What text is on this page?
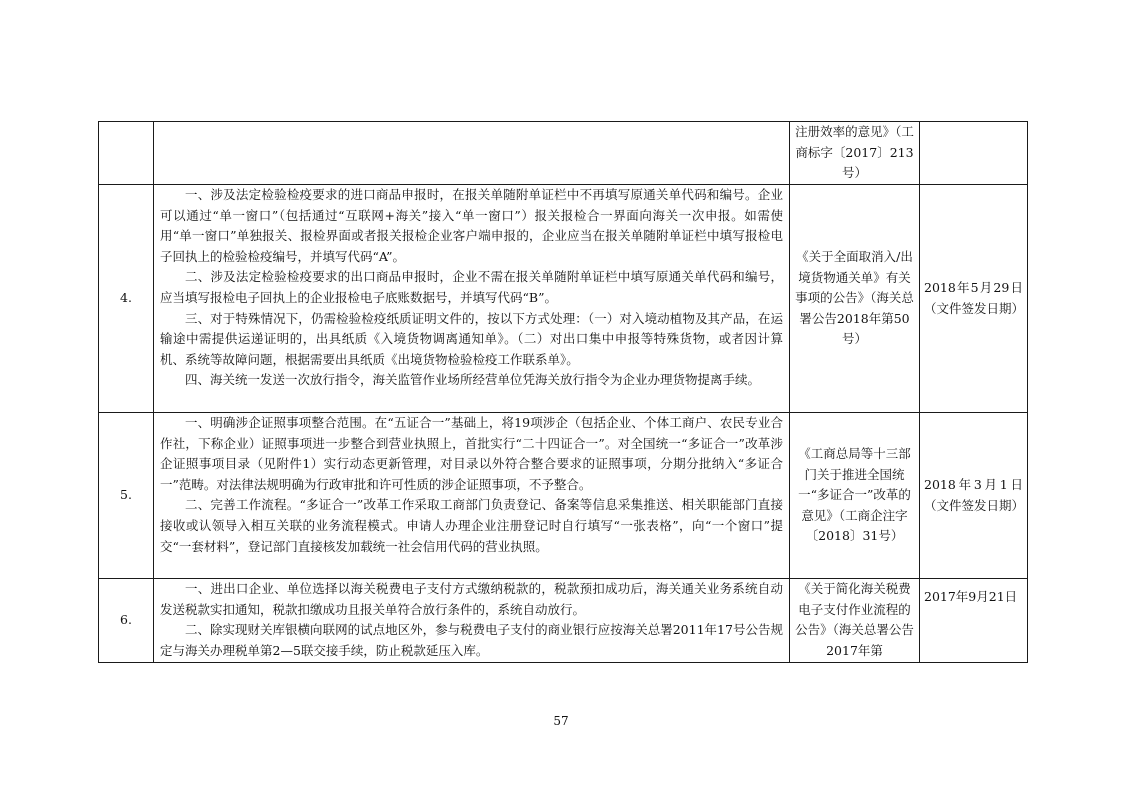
		注册效率的意见》（工商标字〔2017〕213号）	
4.	一、涉及法定检验检疫要求的进口商品申报时，在报关单随附单证栏中不再填写原通关单代码和编号。企业可以通过“单一窗口”（包括通过“互联网+海关”接入“单一窗口”）报关报检合一界面向海关一次申报。如需使用“单一窗口”单独报关、报检界面或者报关报检企业客户端申报的，企业应当在报关单随附单证栏中填写报检电子回执上的检验检疫编号，并填写代码“A”。

二、涉及法定检验检疫要求的出口商品申报时，企业不需在报关单随附单证栏中填写原通关单代码和编号，应当填写报检电子回执上的企业报检电子底账数据号，并填写代码“B”。

三、对于特殊情况下，仍需检验检疫纸质证明文件的，按以下方式处理：（一）对入境动植物及其产品，在运输途中需提供运递证明的，出具纸质《入境货物调离通知单》。（二）对出口集中申报等特殊货物，或者因计算机、系统等故障问题，根据需要出具纸质《出境货物检验检疫工作联系单》。

四、海关统一发送一次放行指令，海关监管作业场所经营单位凭海关放行指令为企业办理货物提离手续。	《关于全面取消入/出境货物通关单》有关事项的公告》（海关总署公告2018年第50号）	2018年5月29日（文件签发日期）
5.	一、明确涉企证照事项整合范围。在“五证合一”基础上，将19项涉企（包括企业、个体工商户、农民专业合作社，下称企业）证照事项进一步整合到营业执照上，首批实行“二十四证合一”。对全国统一“多证合一”改革涉企证照事项目录（见附件1）实行动态更新管理，对目录以外符合整合要求的证照事项，分期分批纳入“多证合一”范畴。对法律法规明确为行政审批和许可性质的涉企证照事项，不予整合。

二、完善工作流程。“多证合一”改革工作采取工商部门负责登记、备案等信息采集推送、相关职能部门直接接收或认领导入相互关联的业务流程模式。申请人办理企业注册登记时自行填写“一张表格”，向“一个窗口”提交“一套材料”，登记部门直接核发加载统一社会信用代码的营业执照。	《工商总局等十三部门关于推进全国统一“多证合一”改革的意见》（工商企注字〔2018〕31号）	2018年3月1日（文件签发日期）
6.	一、进出口企业、单位选择以海关税费电子支付方式缴纳税款的，税款预扣成功后，海关通关业务系统自动发送税款实扣通知，税款扣缴成功且报关单符合放行条件的，系统自动放行。

二、除实现财关库银横向联网的试点地区外，参与税费电子支付的商业银行应按海关总署2011年17号公告规定与海关办理税单第2—5联交接手续，防止税款延压入库。	《关于简化海关税费电子支付作业流程的公告》（海关总署公告2017年第	2017年9月21日
57
